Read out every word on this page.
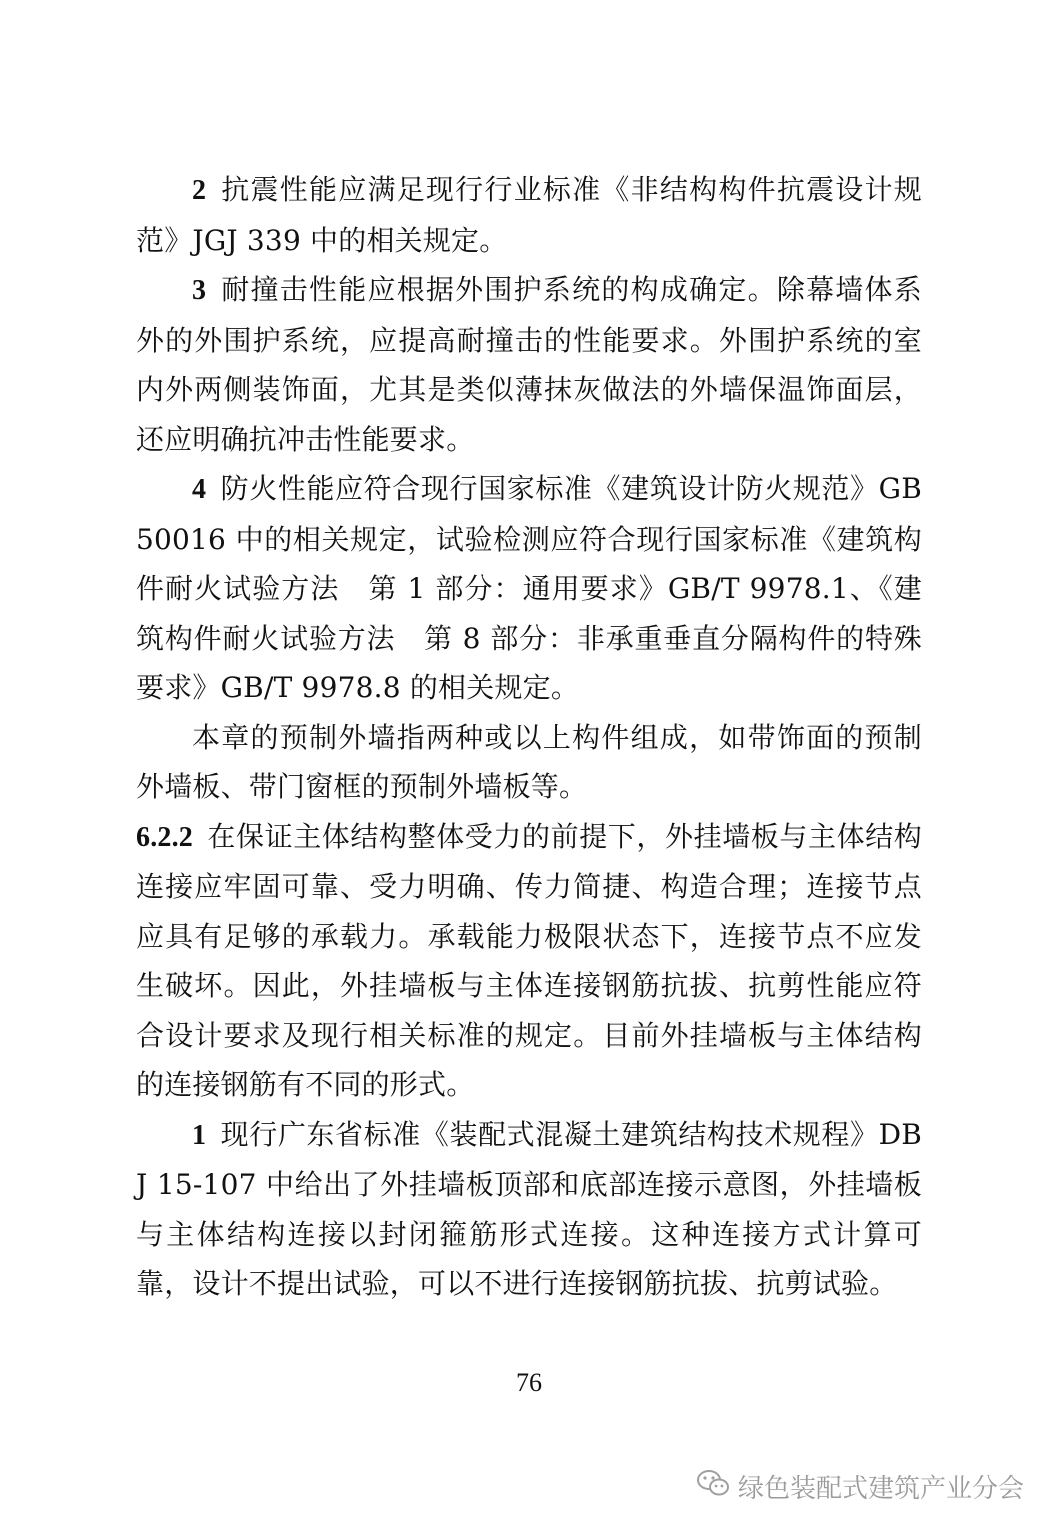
2 抗震性能应满足现行行业标准《非结构构件抗震设计规范》JGJ 339 中的相关规定。

3 耐撞击性能应根据外围护系统的构成确定。除幕墙体系外的外围护系统，应提高耐撞击的性能要求。外围护系统的室内外两侧装饰面，尤其是类似薄抹灰做法的外墙保温饰面层，还应明确抗冲击性能要求。

4 防火性能应符合现行国家标准《建筑设计防火规范》GB 50016 中的相关规定，试验检测应符合现行国家标准《建筑构件耐火试验方法　第 1 部分：通用要求》GB/T 9978.1、《建筑构件耐火试验方法　第 8 部分：非承重垂直分隔构件的特殊要求》GB/T 9978.8 的相关规定。

本章的预制外墙指两种或以上构件组成，如带饰面的预制外墙板、带门窗框的预制外墙板等。

6.2.2 在保证主体结构整体受力的前提下，外挂墙板与主体结构连接应牢固可靠、受力明确、传力简捷、构造合理；连接节点应具有足够的承载力。承载能力极限状态下，连接节点不应发生破坏。因此，外挂墙板与主体连接钢筋抗拔、抗剪性能应符合设计要求及现行相关标准的规定。目前外挂墙板与主体结构的连接钢筋有不同的形式。

1 现行广东省标准《装配式混凝土建筑结构技术规程》DBJ 15-107 中给出了外挂墙板顶部和底部连接示意图，外挂墙板与主体结构连接以封闭箍筋形式连接。这种连接方式计算可靠，设计不提出试验，可以不进行连接钢筋抗拔、抗剪试验。

76
绿色装配式建筑产业分会
